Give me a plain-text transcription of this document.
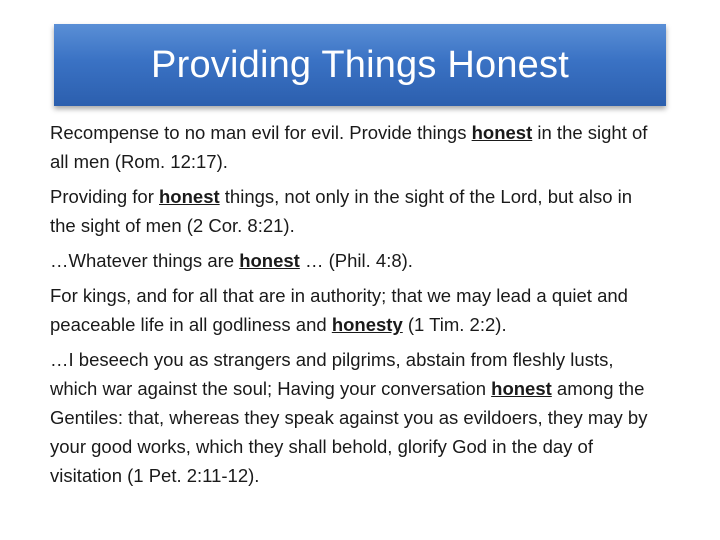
Providing Things Honest

Recompense to no man evil for evil. Provide things honest in the sight of all men (Rom. 12:17).

Providing for honest things, not only in the sight of the Lord, but also in the sight of men (2 Cor. 8:21).

…Whatever things are honest … (Phil. 4:8).

For kings, and for all that are in authority; that we may lead a quiet and peaceable life in all godliness and honesty (1 Tim. 2:2).

…I beseech you as strangers and pilgrims, abstain from fleshly lusts, which war against the soul; Having your conversation honest among the Gentiles: that, whereas they speak against you as evildoers, they may by your good works, which they shall behold, glorify God in the day of visitation (1 Pet. 2:11-12).
